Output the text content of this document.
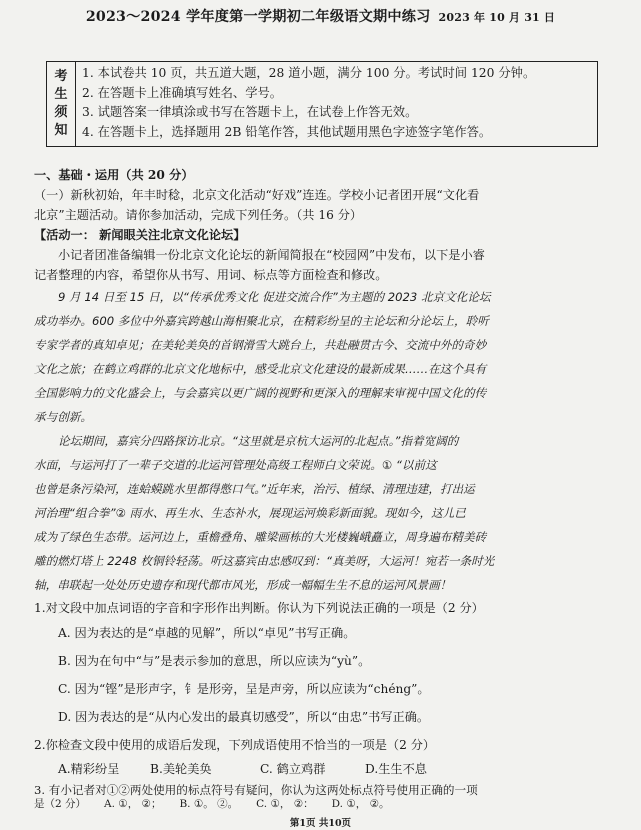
2023～2024 学年度第一学期初二年级语文期中练习 2023 年 10 月 31 日
考
生
须
知
1. 本试卷共 10 页，共五道大题，28 道小题，满分 100 分。考试时间 120 分钟。
2. 在答题卡上准确填写姓名、学号。
3. 试题答案一律填涂或书写在答题卡上，在试卷上作答无效。
4. 在答题卡上，选择题用 2B 铅笔作答，其他试题用黑色字迹签字笔作答。
一、基础・运用（共 20 分）
（一）新秋初始，年丰时稔，北京文化活动“好戏”连连。学校小记者团开展“文化看
北京”主题活动。请你参加活动，完成下列任务。（共 16 分）
【活动一： 新闻眼关注北京文化论坛】
小记者团准备编辑一份北京文化论坛的新闻简报在“校园网”中发布，以下是小睿
记者整理的内容，希望你从书写、用词、标点等方面检查和修改。
9 月 14 日至 15 日，以“传承优秀文化 促进交流合作”为主题的 2023 北京文化论坛
成功举办。600 多位中外嘉宾跨越山海相聚北京，在精彩纷呈的主论坛和分论坛上，聆听
专家学者的真知卓见；在美轮美奂的首钢滑雪大跳台上，共赴融贯古今、交流中外的奇妙
文化之旅；在鹤立鸡群的北京文化地标中，感受北京文化建设的最新成果……在这个具有
全国影响力的文化盛会上，与会嘉宾以更广阔的视野和更深入的理解来审视中国文化的传
承与创新。
论坛期间，嘉宾分四路探访北京。“这里就是京杭大运河的北起点。”指着宽阔的
水面，与运河打了一辈子交道的北运河管理处高级工程师白文荣说。① “以前这
也曾是条污染河，连蛤蟆跳水里都得憋口气。”近年来，治污、植绿、清理违建，打出运
河治理“组合拳”② 雨水、再生水、生态补水，展现运河焕彩新面貌。现如今，这儿已
成为了绿色生态带。运河边上，重檐叠角、雕梁画栋的大光楼巍峨矗立，周身遍布精美砖
雕的燃灯塔上 2248 枚铜铃轻荡。听这嘉宾由忠感叹到：“真美呀，大运河！宛若一条时光
轴，串联起一处处历史遗存和现代都市风光，形成一幅幅生生不息的运河风景画！
1.对文段中加点词语的字音和字形作出判断。你认为下列说法正确的一项是（2 分）
A. 因为表达的是“卓越的见解”，所以“卓见”书写正确。
B. 因为在句中“与”是表示参加的意思，所以应读为“yù”。
C. 因为“铿”是形声字，钅是形旁，呈是声旁，所以应读为“chéng”。
D. 因为表达的是“从内心发出的最真切感受”，所以“由忠”书写正确。
2.你检查文段中使用的成语后发现，下列成语使用不恰当的一项是（2 分）
A.精彩纷呈	B.美轮美奂	C. 鹤立鸡群	D.生生不息
3. 有小记者对①②两处使用的标点符号有疑问，你认为这两处标点符号使用正确的一项
第1页 共10页
是（2 分） A. ①， ②； B. ①。 ②。 C. ①， ②： D. ①， ②。
